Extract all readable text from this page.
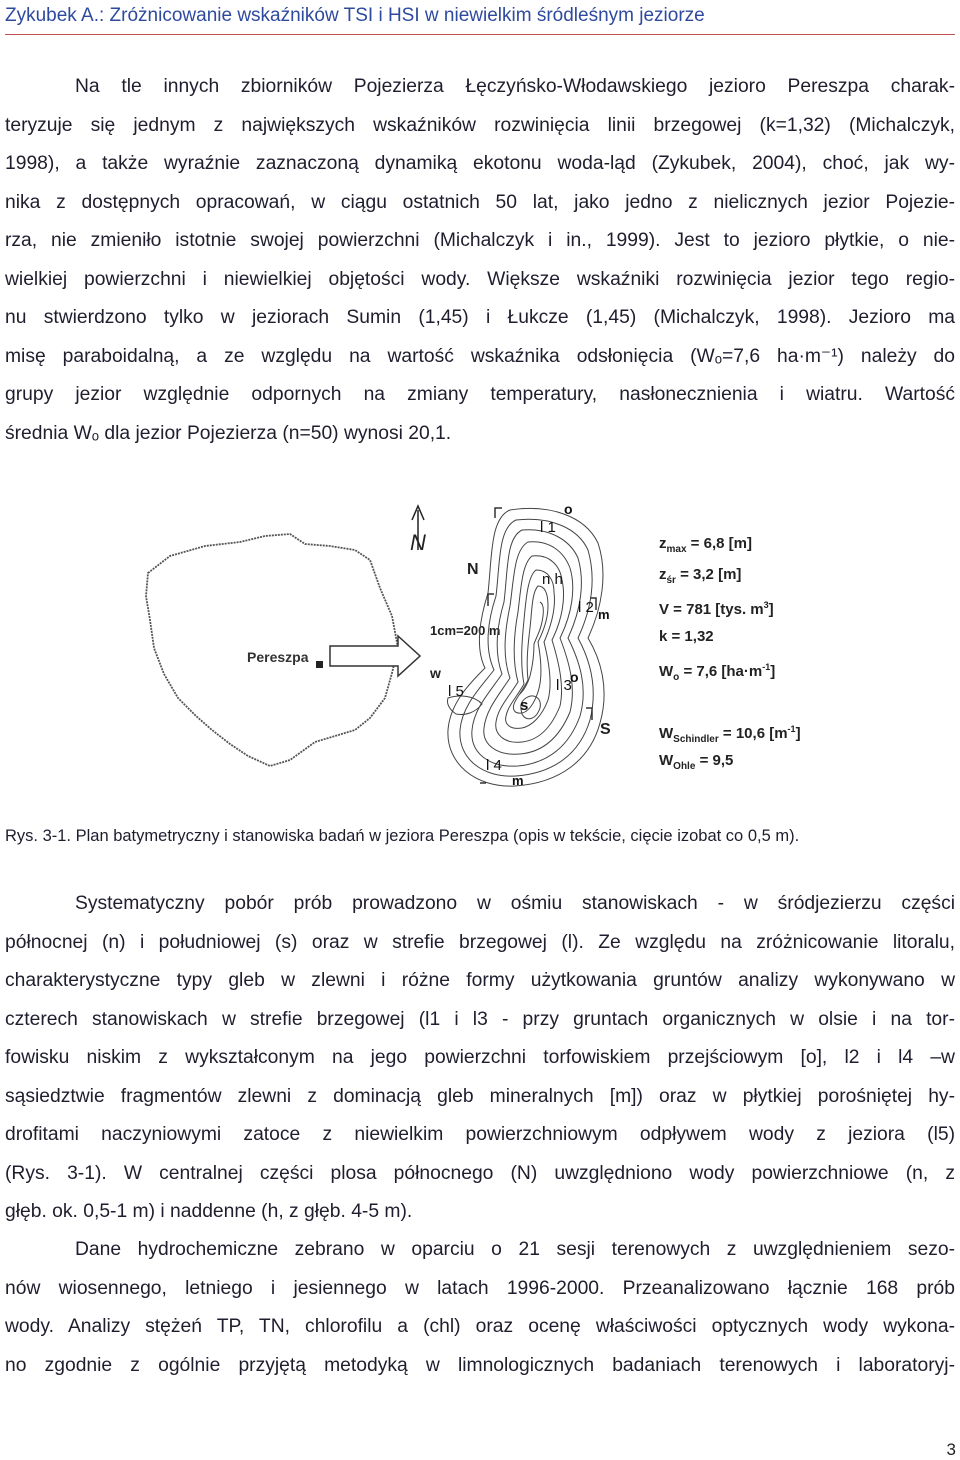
Zykubek A.: Zróżnicowanie wskaźników TSI i HSI w niewielkim śródleśnym jeziorze
Na tle innych zbiorników Pojezierza Łęczyńsko-Włodawskiego jezioro Pereszpa charak-
teryzuje się jednym z największych wskaźników rozwinięcia linii brzegowej (k=1,32) (Michalczyk,
1998), a także wyraźnie zaznaczoną dynamiką ekotonu woda-ląd (Zykubek, 2004), choć, jak wy-
nika z dostępnych opracowań, w ciągu ostatnich 50 lat, jako jedno z nielicznych jezior Pojezie-
rza, nie zmieniło istotnie swojej powierzchni (Michalczyk i in., 1999). Jest to jezioro płytkie, o nie-
wielkiej powierzchni i niewielkiej objętości wody. Większe wskaźniki rozwinięcia jezior tego regio-
nu stwierdzono tylko w jeziorach Sumin (1,45) i Łukcze (1,45) (Michalczyk, 1998). Jezioro ma
misę paraboidalną, a ze względu na wartość wskaźnika odsłonięcia (Wₒ=7,6 ha·m⁻¹) należy do
grupy jezior względnie odpornych na zmiany temperatury, nasłonecznienia i wiatru. Wartość
średnia Wₒ dla jezior Pojezierza (n=50) wynosi 20,1.
Pereszpa
N
1cm=200 m
N
S
w
l 1
o
n h
l 2 m
l 5	l 3
o
s
l 4
m
$z_{max} = 6,8$ [m]
$z_{śr} = 3,2$ [m]
V = 781 [tys. $m^3$]
k = 1,32
$W_o = 7,6$ $[ha\cdot m^{-1}]$
$W_{Schindler} = 10,6$ $[m^{-1}]$
$W_{Ohle} = 9,5$
Rys. 3-1. Plan batymetryczny i stanowiska badań w jeziora Pereszpa (opis w tekście, cięcie izobat co 0,5 m).
Systematyczny pobór prób prowadzono w ośmiu stanowiskach - w śródjezierzu części
północnej (n) i południowej (s) oraz w strefie brzegowej (l). Ze względu na zróżnicowanie litoralu,
charakterystyczne typy gleb w zlewni i różne formy użytkowania gruntów analizy wykonywano w
czterech stanowiskach w strefie brzegowej (l1 i l3 - przy gruntach organicznych w olsie i na tor-
fowisku niskim z wykształconym na jego powierzchni torfowiskiem przejściowym [o], l2 i l4 –w
sąsiedztwie fragmentów zlewni z dominacją gleb mineralnych [m]) oraz w płytkiej porośniętej hy-
drofitami naczyniowymi zatoce z niewielkim powierzchniowym odpływem wody z jeziora (l5)
(Rys. 3-1). W centralnej części plosa północnego (N) uwzględniono wody powierzchniowe (n, z
głęb. ok. 0,5-1 m) i naddenne (h, z głęb. 4-5 m).
Dane hydrochemiczne zebrano w oparciu o 21 sesji terenowych z uwzględnieniem sezo-
nów wiosennego, letniego i jesiennego w latach 1996-2000. Przeanalizowano łącznie 168 prób
wody. Analizy stężeń TP, TN, chlorofilu a (chl) oraz ocenę właściwości optycznych wody wykona-
no zgodnie z ogólnie przyjętą metodyką w limnologicznych badaniach terenowych i laboratoryj-
3
